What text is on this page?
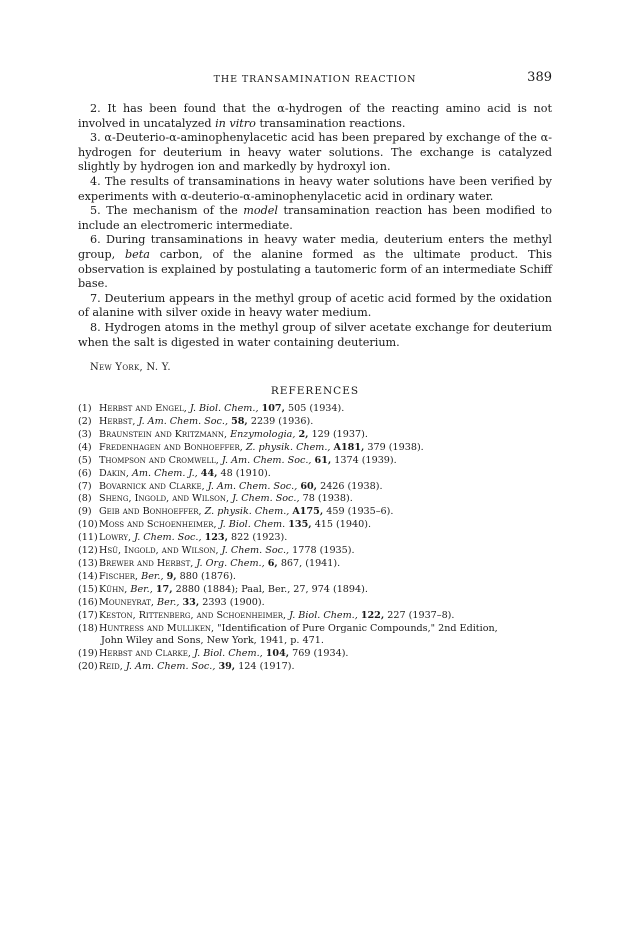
THE TRANSAMINATION REACTION	389

2. It has been found that the α-hydrogen of the reacting amino acid is not involved in uncatalyzed in vitro transamination reactions.

3. α-Deuterio-α-aminophenylacetic acid has been prepared by exchange of the α-hydrogen for deuterium in heavy water solutions. The exchange is catalyzed slightly by hydrogen ion and markedly by hydroxyl ion.

4. The results of transaminations in heavy water solutions have been verified by experiments with α-deuterio-α-aminophenylacetic acid in ordinary water.

5. The mechanism of the model transamination reaction has been modified to include an electromeric intermediate.

6. During transaminations in heavy water media, deuterium enters the methyl group, beta carbon, of the alanine formed as the ultimate product. This observation is explained by postulating a tautomeric form of an intermediate Schiff base.

7. Deuterium appears in the methyl group of acetic acid formed by the oxidation of alanine with silver oxide in heavy water medium.

8. Hydrogen atoms in the methyl group of silver acetate exchange for deuterium when the salt is digested in water containing deuterium.

New York, N. Y.
REFERENCES
(1) Herbst and Engel, J. Biol. Chem., 107, 505 (1934).
(2) Herbst, J. Am. Chem. Soc., 58, 2239 (1936).
(3) Braunstein and Kritzmann, Enzymologia, 2, 129 (1937).
(4) Fredenhagen and Bonhoeffer, Z. physik. Chem., A181, 379 (1938).
(5) Thompson and Cromwell, J. Am. Chem. Soc., 61, 1374 (1939).
(6) Dakin, Am. Chem. J., 44, 48 (1910).
(7) Bovarnick and Clarke, J. Am. Chem. Soc., 60, 2426 (1938).
(8) Sheng, Ingold, and Wilson, J. Chem. Soc., 78 (1938).
(9) Geib and Bonhoeffer, Z. physik. Chem., A175, 459 (1935–6).
(10) Moss and Schoenheimer, J. Biol. Chem. 135, 415 (1940).
(11) Lowry, J. Chem. Soc., 123, 822 (1923).
(12) Hsü, Ingold, and Wilson, J. Chem. Soc., 1778 (1935).
(13) Brewer and Herbst, J. Org. Chem., 6, 867, (1941).
(14) Fischer, Ber., 9, 880 (1876).
(15) Kühn, Ber., 17, 2880 (1884); Paal, Ber., 27, 974 (1894).
(16) Mouneyrat, Ber., 33, 2393 (1900).
(17) Keston, Rittenberg, and Schoenheimer, J. Biol. Chem., 122, 227 (1937–8).
(18) Huntress and Mulliken, "Identification of Pure Organic Compounds," 2nd Edition,
John Wiley and Sons, New York, 1941, p. 471.
(19) Herbst and Clarke, J. Biol. Chem., 104, 769 (1934).
(20) Reid, J. Am. Chem. Soc., 39, 124 (1917).
